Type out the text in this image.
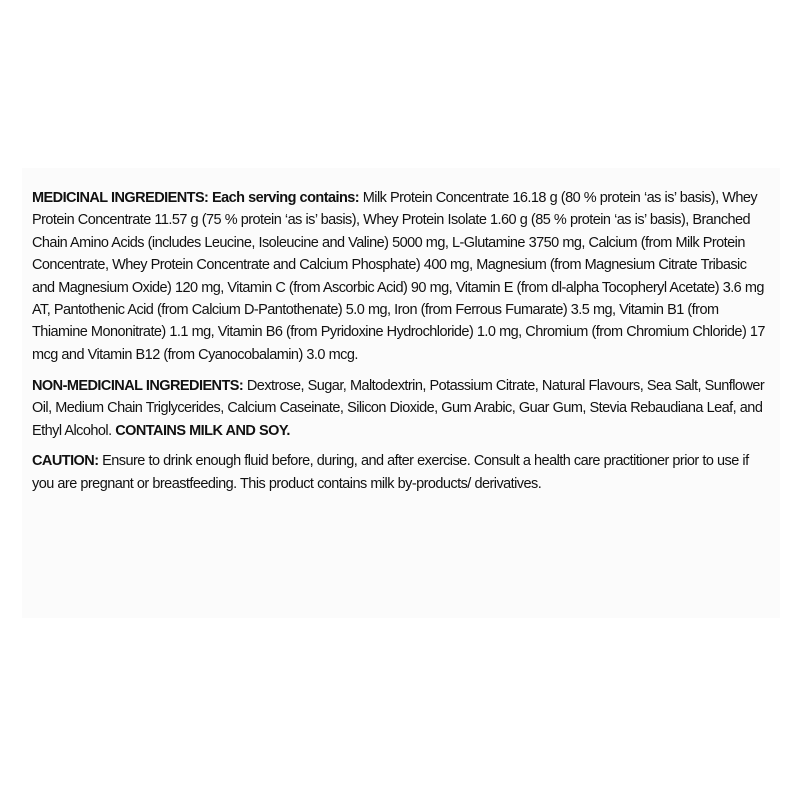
MEDICINAL INGREDIENTS: Each serving contains: Milk Protein Concentrate 16.18 g (80 % protein ‘as is’ basis), Whey Protein Concentrate 11.57 g (75 % protein ‘as is’ basis), Whey Protein Isolate 1.60 g (85 % protein ‘as is’ basis), Branched Chain Amino Acids (includes Leucine, Isoleucine and Valine) 5000 mg, L-Glutamine 3750 mg, Calcium (from Milk Protein Concentrate, Whey Protein Concentrate and Calcium Phosphate) 400 mg, Magnesium (from Magnesium Citrate Tribasic and Magnesium Oxide) 120 mg, Vitamin C (from Ascorbic Acid) 90 mg, Vitamin E (from dl-alpha Tocopheryl Acetate) 3.6 mg AT, Pantothenic Acid (from Calcium D-Pantothenate) 5.0 mg, Iron (from Ferrous Fumarate) 3.5 mg, Vitamin B1 (from Thiamine Mononitrate) 1.1 mg, Vitamin B6 (from Pyridoxine Hydrochloride) 1.0 mg, Chromium (from Chromium Chloride) 17 mcg and Vitamin B12 (from Cyanocobalamin) 3.0 mcg.

NON-MEDICINAL INGREDIENTS: Dextrose, Sugar, Maltodextrin, Potassium Citrate, Natural Flavours, Sea Salt, Sunflower Oil, Medium Chain Triglycerides, Calcium Caseinate, Silicon Dioxide, Gum Arabic, Guar Gum, Stevia Rebaudiana Leaf, and Ethyl Alcohol. CONTAINS MILK AND SOY.

CAUTION: Ensure to drink enough fluid before, during, and after exercise. Consult a health care practitioner prior to use if you are pregnant or breastfeeding. This product contains milk by-products/ derivatives.
